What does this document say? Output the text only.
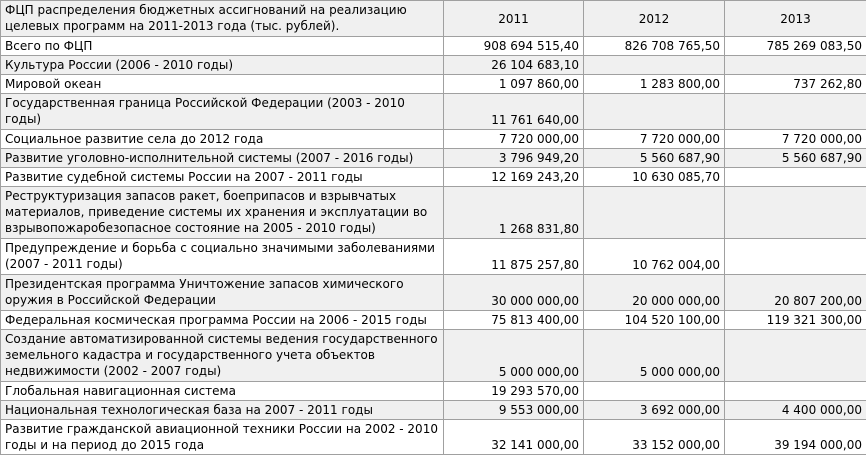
ФЦП распределения бюджетных ассигнований на реализацию целевых программ на 2011-2013 года (тыс. рублей).	2011	2012	2013
Всего по ФЦП	908 694 515,40	826 708 765,50	785 269 083,50
Культура России (2006 - 2010 годы)	26 104 683,10		
Мировой океан	1 097 860,00	1 283 800,00	737 262,80
Государственная граница Российской Федерации (2003 - 2010 годы)	11 761 640,00		
Социальное развитие села до 2012 года	7 720 000,00	7 720 000,00	7 720 000,00
Развитие уголовно-исполнительной системы (2007 - 2016 годы)	3 796 949,20	5 560 687,90	5 560 687,90
Развитие судебной системы России на 2007 - 2011 годы	12 169 243,20	10 630 085,70	
Реструктуризация запасов ракет, боеприпасов и взрывчатых материалов, приведение системы их хранения и эксплуатации во взрывопожаробезопасное состояние на 2005 - 2010 годы)	1 268 831,80		
Предупреждение и борьба с социально значимыми заболеваниями (2007 - 2011 годы)	11 875 257,80	10 762 004,00	
Президентская программа Уничтожение запасов химического оружия в Российской Федерации	30 000 000,00	20 000 000,00	20 807 200,00
Федеральная космическая программа России на 2006 - 2015 годы	75 813 400,00	104 520 100,00	119 321 300,00
Создание автоматизированной системы ведения государственного земельного кадастра и государственного учета объектов недвижимости (2002 - 2007 годы)	5 000 000,00	5 000 000,00	
Глобальная навигационная система	19 293 570,00		
Национальная технологическая база на 2007 - 2011 годы	9 553 000,00	3 692 000,00	4 400 000,00
Развитие гражданской авиационной техники России на 2002 - 2010 годы и на период до 2015 года	32 141 000,00	33 152 000,00	39 194 000,00
